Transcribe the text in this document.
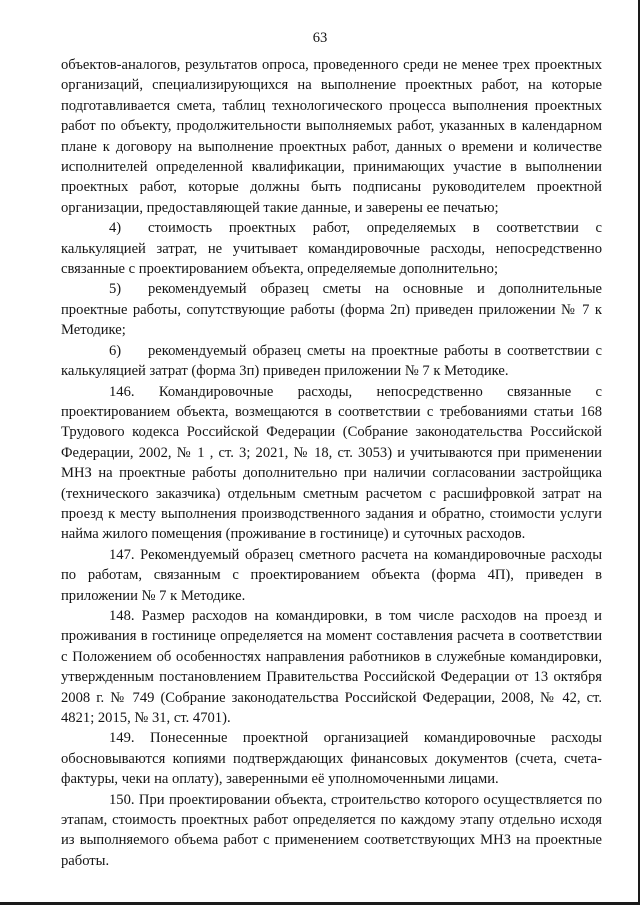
63

объектов-аналогов, результатов опроса, проведенного среди не менее трех проектных организаций, специализирующихся на выполнение проектных работ, на которые подготавливается смета, таблиц технологического процесса выполнения проектных работ по объекту, продолжительности выполняемых работ, указанных в календарном плане к договору на выполнение проектных работ, данных о времени и количестве исполнителей определенной квалификации, принимающих участие в выполнении проектных работ, которые должны быть подписаны руководителем проектной организации, предоставляющей такие данные, и заверены ее печатью;

4) стоимость проектных работ, определяемых в соответствии с калькуляцией затрат, не учитывает командировочные расходы, непосредственно связанные с проектированием объекта, определяемые дополнительно;

5) рекомендуемый образец сметы на основные и дополнительные проектные работы, сопутствующие работы (форма 2п) приведен приложении № 7 к Методике;

6) рекомендуемый образец сметы на проектные работы в соответствии с калькуляцией затрат (форма 3п) приведен приложении № 7 к Методике.

146. Командировочные расходы, непосредственно связанные с проектированием объекта, возмещаются в соответствии с требованиями статьи 168 Трудового кодекса Российской Федерации (Собрание законодательства Российской Федерации, 2002, № 1 , ст. 3; 2021, № 18, ст. 3053) и учитываются при применении МНЗ на проектные работы дополнительно при наличии согласовании застройщика (технического заказчика) отдельным сметным расчетом с расшифровкой затрат на проезд к месту выполнения производственного задания и обратно, стоимости услуги найма жилого помещения (проживание в гостинице) и суточных расходов.

147. Рекомендуемый образец сметного расчета на командировочные расходы по работам, связанным с проектированием объекта (форма 4П), приведен в приложении № 7 к Методике.

148. Размер расходов на командировки, в том числе расходов на проезд и проживания в гостинице определяется на момент составления расчета в соответствии с Положением об особенностях направления работников в служебные командировки, утвержденным постановлением Правительства Российской Федерации от 13 октября 2008 г. № 749 (Собрание законодательства Российской Федерации, 2008, № 42, ст. 4821; 2015, № 31, ст. 4701).

149. Понесенные проектной организацией командировочные расходы обосновываются копиями подтверждающих финансовых документов (счета, счета-фактуры, чеки на оплату), заверенными её уполномоченными лицами.

150. При проектировании объекта, строительство которого осуществляется по этапам, стоимость проектных работ определяется по каждому этапу отдельно исходя из выполняемого объема работ с применением соответствующих МНЗ на проектные работы.
